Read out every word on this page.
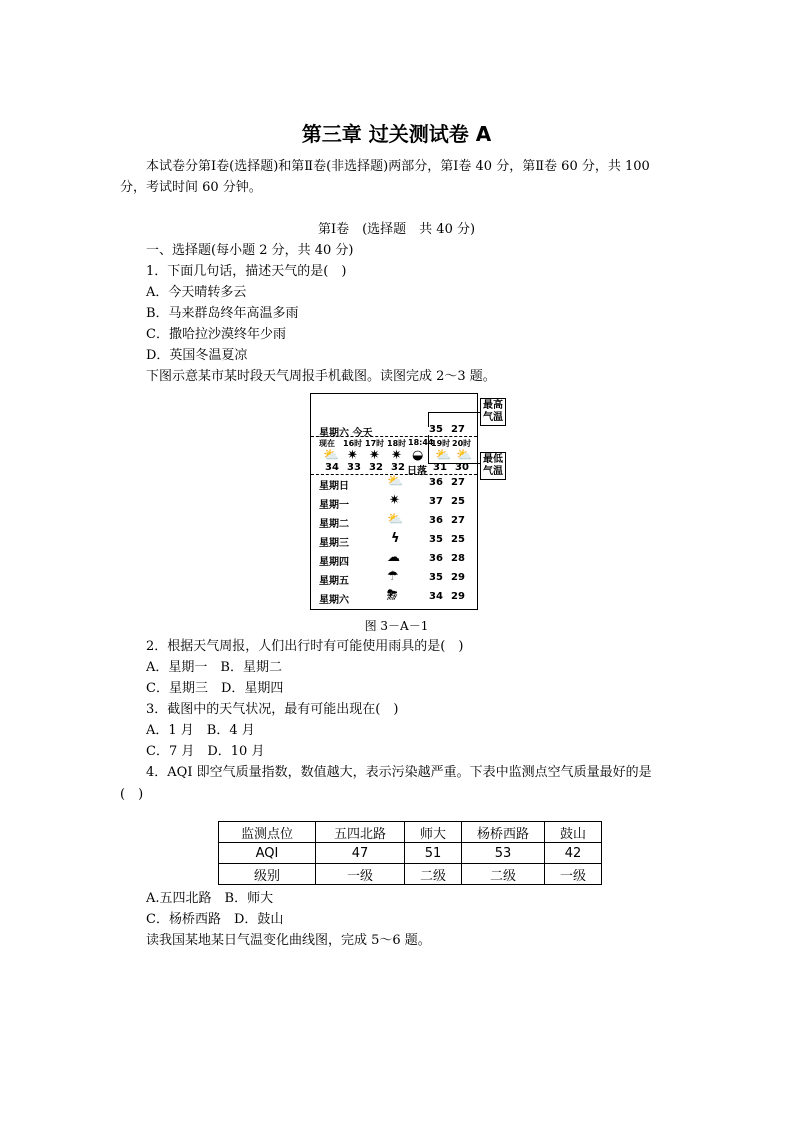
第三章 过关测试卷 A
本试卷分第Ⅰ卷(选择题)和第Ⅱ卷(非选择题)两部分，第Ⅰ卷 40 分，第Ⅱ卷 60 分，共 100
分，考试时间 60 分钟。
第Ⅰ卷　(选择题　共 40 分)
一、选择题(每小题 2 分，共 40 分)
1．下面几句话，描述天气的是(　)
A．今天晴转多云
B．马来群岛终年高温多雨
C．撒哈拉沙漠终年少雨
D．英国冬温夏凉
下图示意某市某时段天气周报手机截图。读图完成 2～3 题。
星期六 今天	35 27
现在 16时 17时 18时 18:44
19时 20时
⛅ ✷ ✷ ✷ ◒ ⛅ ⛅
34 33 32 32 日落 31 30
星期日	⛅	36 27
星期一	✷	37 25
星期二	⛅	36 27
星期三	ϟ	35 25
星期四	☁	36 28
星期五	☂	35 29
星期六	⛈	34 29
最高
气温
最低
气温
图 3－A－1
2．根据天气周报，人们出行时有可能使用雨具的是(　)
A．星期一　B．星期二
C．星期三　D．星期四
3．截图中的天气状况，最有可能出现在(　)
A．1 月　B．4 月
C．7 月　D．10 月
4．AQI 即空气质量指数，数值越大，表示污染越严重。下表中监测点空气质量最好的是
(　)
监测点位	五四北路	师大	杨桥西路	鼓山
AQI	47	51	53	42
级别	一级	二级	二级	一级
A.五四北路　B．师大
C．杨桥西路　D．鼓山
读我国某地某日气温变化曲线图，完成 5～6 题。
